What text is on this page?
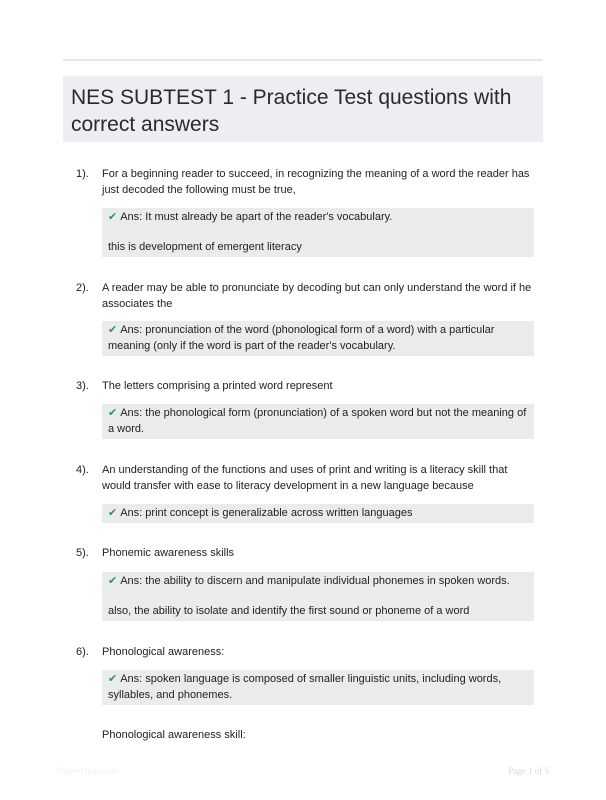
NES SUBTEST 1 - Practice Test questions with correct answers
1). For a beginning reader to succeed, in recognizing the meaning of a word the reader has just decoded the following must be true,

✔ Ans: It must already be apart of the reader's vocabulary.

this is development of emergent literacy

2). A reader may be able to pronunciate by decoding but can only understand the word if he associates the

✔ Ans: pronunciation of the word (phonological form of a word) with a particular meaning (only if the word is part of the reader's vocabulary.

3). The letters comprising a printed word represent

✔ Ans: the phonological form (pronunciation) of a spoken word but not the meaning of a word.

4). An understanding of the functions and uses of print and writing is a literacy skill that would transfer with ease to literacy development in a new language because

✔ Ans: print concept is generalizable across written languages

5). Phonemic awareness skills

✔ Ans: the ability to discern and manipulate individual phonemes in spoken words.

also, the ability to isolate and identify the first sound or phoneme of a word

6). Phonological awareness:

✔ Ans: spoken language is composed of smaller linguistic units, including words, syllables, and phonemes.

Phonological awareness skill:
PaperHelp.com	Page 1 of 5
